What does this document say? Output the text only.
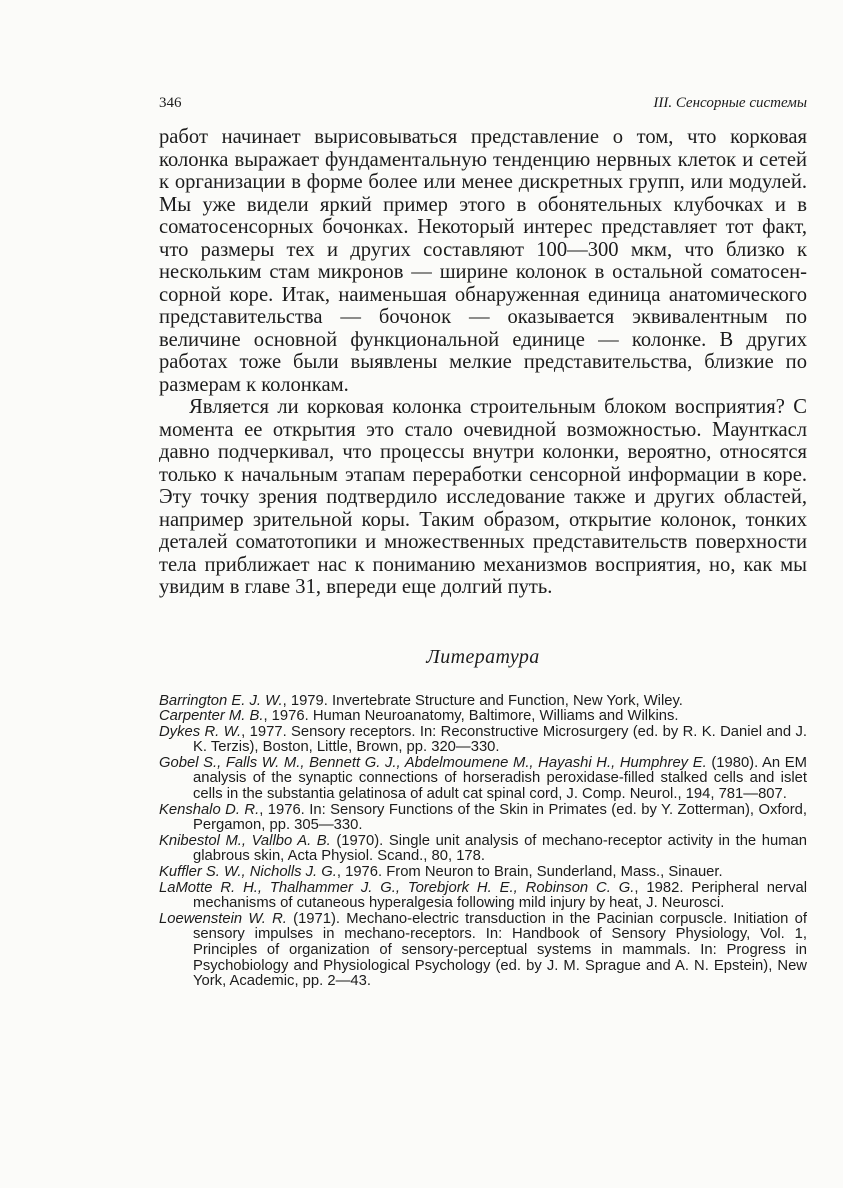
346	III. Сенсорные системы

работ начинает вырисовываться представление о том, что корковая колонка выражает фундаментальную тенденцию нервных клеток и сетей к организации в форме более или менее дискретных групп, или модулей. Мы уже видели яркий пример этого в обонятельных клубочках и в соматосенсорных бочонках. Некоторый интерес представляет тот факт, что размеры тех и других составляют 100—300 мкм, что близко к нескольким стам микронов — ширине колонок в остальной соматосенсорной коре. Итак, наименьшая обнаруженная единица анатомического представительства — бочонок — оказывается эквивалентным по величине основной функциональной единице — колонке. В других работах тоже были выявлены мелкие представительства, близкие по размерам к колонкам.

Является ли корковая колонка строительным блоком восприятия? С момента ее открытия это стало очевидной возможностью. Маунткасл давно подчеркивал, что процессы внутри колонки, вероятно, относятся только к начальным этапам переработки сенсорной информации в коре. Эту точку зрения подтвердило исследование также и других областей, например зрительной коры. Таким образом, открытие колонок, тонких деталей соматотопики и множественных представительств поверхности тела приближает нас к пониманию механизмов восприятия, но, как мы увидим в главе 31, впереди еще долгий путь.

Литература

Barrington E. J. W., 1979. Invertebrate Structure and Function, New York, Wiley.

Carpenter M. B., 1976. Human Neuroanatomy, Baltimore, Williams and Wilkins.

Dykes R. W., 1977. Sensory receptors. In: Reconstructive Microsurgery (ed. by R. K. Daniel and J. K. Terzis), Boston, Little, Brown, pp. 320—330.

Gobel S., Falls W. M., Bennett G. J., Abdelmoumene M., Hayashi H., Humphrey E. (1980). An EM analysis of the synaptic connections of horseradish peroxidase-filled stalked cells and islet cells in the substantia gelatinosa of adult cat spinal cord, J. Comp. Neurol., 194, 781—807.

Kenshalo D. R., 1976. In: Sensory Functions of the Skin in Primates (ed. by Y. Zotterman), Oxford, Pergamon, pp. 305—330.

Knibestol M., Vallbo A. B. (1970). Single unit analysis of mechano-receptor activity in the human glabrous skin, Acta Physiol. Scand., 80, 178.

Kuffler S. W., Nicholls J. G., 1976. From Neuron to Brain, Sunderland, Mass., Sinauer.

LaMotte R. H., Thalhammer J. G., Torebjork H. E., Robinson C. G., 1982. Peripheral nerval mechanisms of cutaneous hyperalgesia following mild injury by heat, J. Neurosci.

Loewenstein W. R. (1971). Mechano-electric transduction in the Pacinian corpuscle. Initiation of sensory impulses in mechano-receptors. In: Handbook of Sensory Physiology, Vol. 1, Principles of organization of sensory-perceptual systems in mammals. In: Progress in Psychobiology and Physiological Psychology (ed. by J. M. Sprague and A. N. Epstein), New York, Academic, pp. 2—43.
